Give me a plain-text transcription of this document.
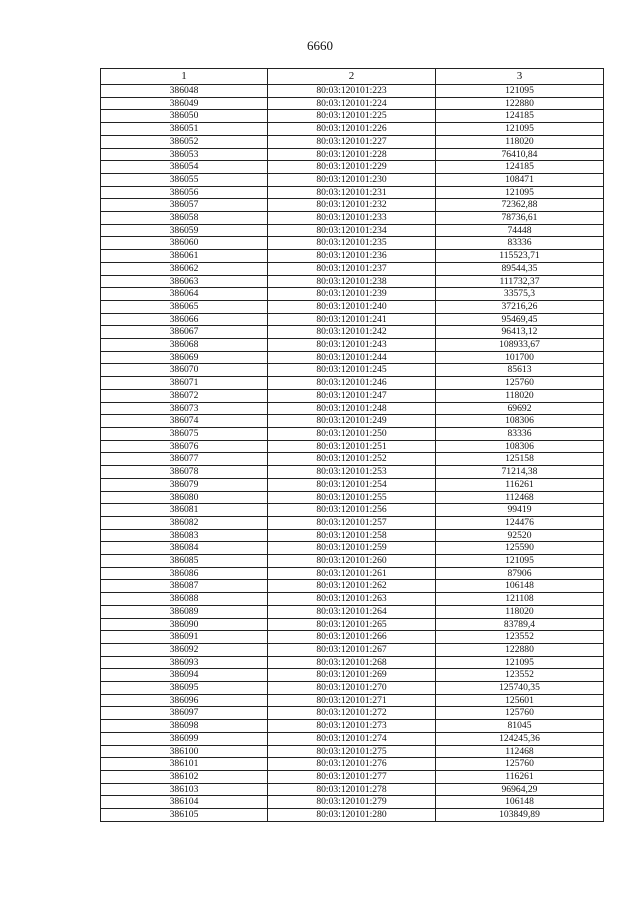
6660
1	2	3
386048	80:03:120101:223	121095
386049	80:03:120101:224	122880
386050	80:03:120101:225	124185
386051	80:03:120101:226	121095
386052	80:03:120101:227	118020
386053	80:03:120101:228	76410,84
386054	80:03:120101:229	124185
386055	80:03:120101:230	108471
386056	80:03:120101:231	121095
386057	80:03:120101:232	72362,88
386058	80:03:120101:233	78736,61
386059	80:03:120101:234	74448
386060	80:03:120101:235	83336
386061	80:03:120101:236	115523,71
386062	80:03:120101:237	89544,35
386063	80:03:120101:238	111732,37
386064	80:03:120101:239	33575,3
386065	80:03:120101:240	37216,26
386066	80:03:120101:241	95469,45
386067	80:03:120101:242	96413,12
386068	80:03:120101:243	108933,67
386069	80:03:120101:244	101700
386070	80:03:120101:245	85613
386071	80:03:120101:246	125760
386072	80:03:120101:247	118020
386073	80:03:120101:248	69692
386074	80:03:120101:249	108306
386075	80:03:120101:250	83336
386076	80:03:120101:251	108306
386077	80:03:120101:252	125158
386078	80:03:120101:253	71214,38
386079	80:03:120101:254	116261
386080	80:03:120101:255	112468
386081	80:03:120101:256	99419
386082	80:03:120101:257	124476
386083	80:03:120101:258	92520
386084	80:03:120101:259	125590
386085	80:03:120101:260	121095
386086	80:03:120101:261	87906
386087	80:03:120101:262	106148
386088	80:03:120101:263	121108
386089	80:03:120101:264	118020
386090	80:03:120101:265	83789,4
386091	80:03:120101:266	123552
386092	80:03:120101:267	122880
386093	80:03:120101:268	121095
386094	80:03:120101:269	123552
386095	80:03:120101:270	125740,35
386096	80:03:120101:271	125601
386097	80:03:120101:272	125760
386098	80:03:120101:273	81045
386099	80:03:120101:274	124245,36
386100	80:03:120101:275	112468
386101	80:03:120101:276	125760
386102	80:03:120101:277	116261
386103	80:03:120101:278	96964,29
386104	80:03:120101:279	106148
386105	80:03:120101:280	103849,89
